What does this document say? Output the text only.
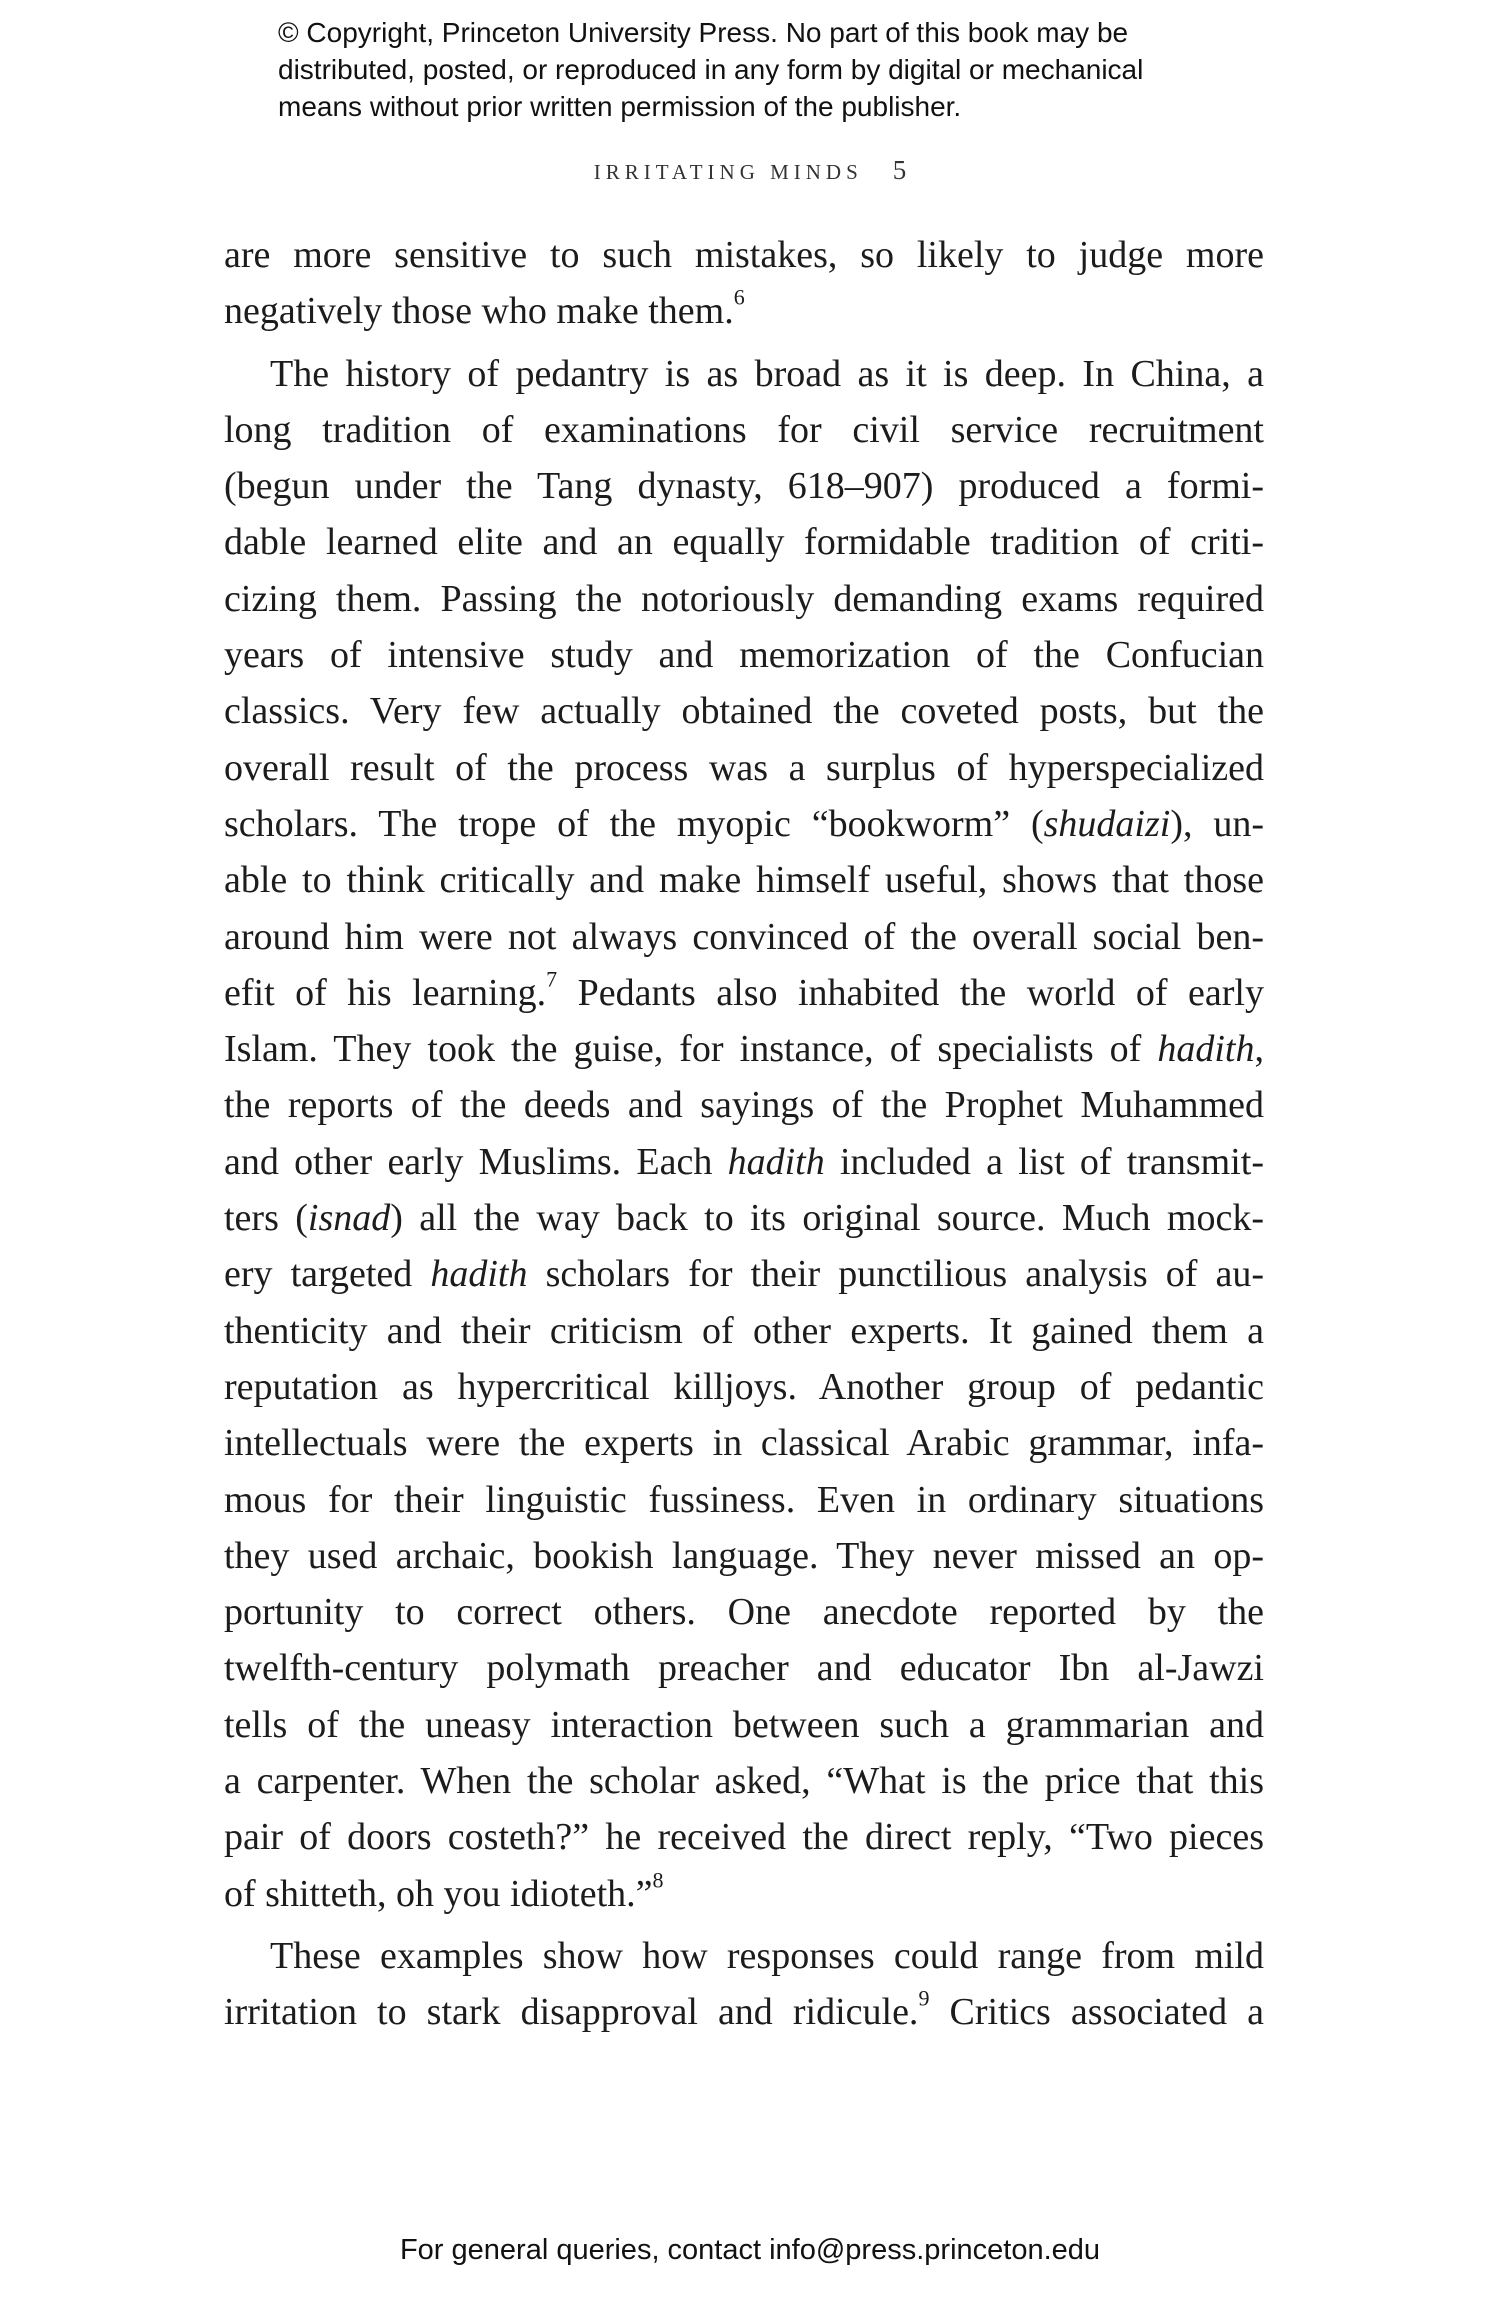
© Copyright, Princeton University Press. No part of this book may be
distributed, posted, or reproduced in any form by digital or mechanical
means without prior written permission of the publisher.
IRRITATING MINDS 5
are more sensitive to such mistakes, so likely to judge more
negatively those who make them.$^6$
The history of pedantry is as broad as it is deep. In China, a
long tradition of examinations for civil service recruitment
(begun under the Tang dynasty, 618–907) produced a formi-
dable learned elite and an equally formidable tradition of criti-
cizing them. Passing the notoriously demanding exams required
years of intensive study and memorization of the Confucian
classics. Very few actually obtained the coveted posts, but the
overall result of the process was a surplus of hyperspecialized
scholars. The trope of the myopic “bookworm” (shudaizi), un-
able to think critically and make himself useful, shows that those
around him were not always convinced of the overall social ben-
efit of his learning.$^7$ Pedants also inhabited the world of early
Islam. They took the guise, for instance, of specialists of hadith,
the reports of the deeds and sayings of the Prophet Muhammed
and other early Muslims. Each hadith included a list of transmit-
ters (isnad) all the way back to its original source. Much mock-
ery targeted hadith scholars for their punctilious analysis of au-
thenticity and their criticism of other experts. It gained them a
reputation as hypercritical killjoys. Another group of pedantic
intellectuals were the experts in classical Arabic grammar, infa-
mous for their linguistic fussiness. Even in ordinary situations
they used archaic, bookish language. They never missed an op-
portunity to correct others. One anecdote reported by the
twelfth-century polymath preacher and educator Ibn al-Jawzi
tells of the uneasy interaction between such a grammarian and
a carpenter. When the scholar asked, “What is the price that this
pair of doors costeth?” he received the direct reply, “Two pieces
of shitteth, oh you idioteth.”$^8$
These examples show how responses could range from mild
irritation to stark disapproval and ridicule.$^9$ Critics associated a
For general queries, contact info@press.princeton.edu
